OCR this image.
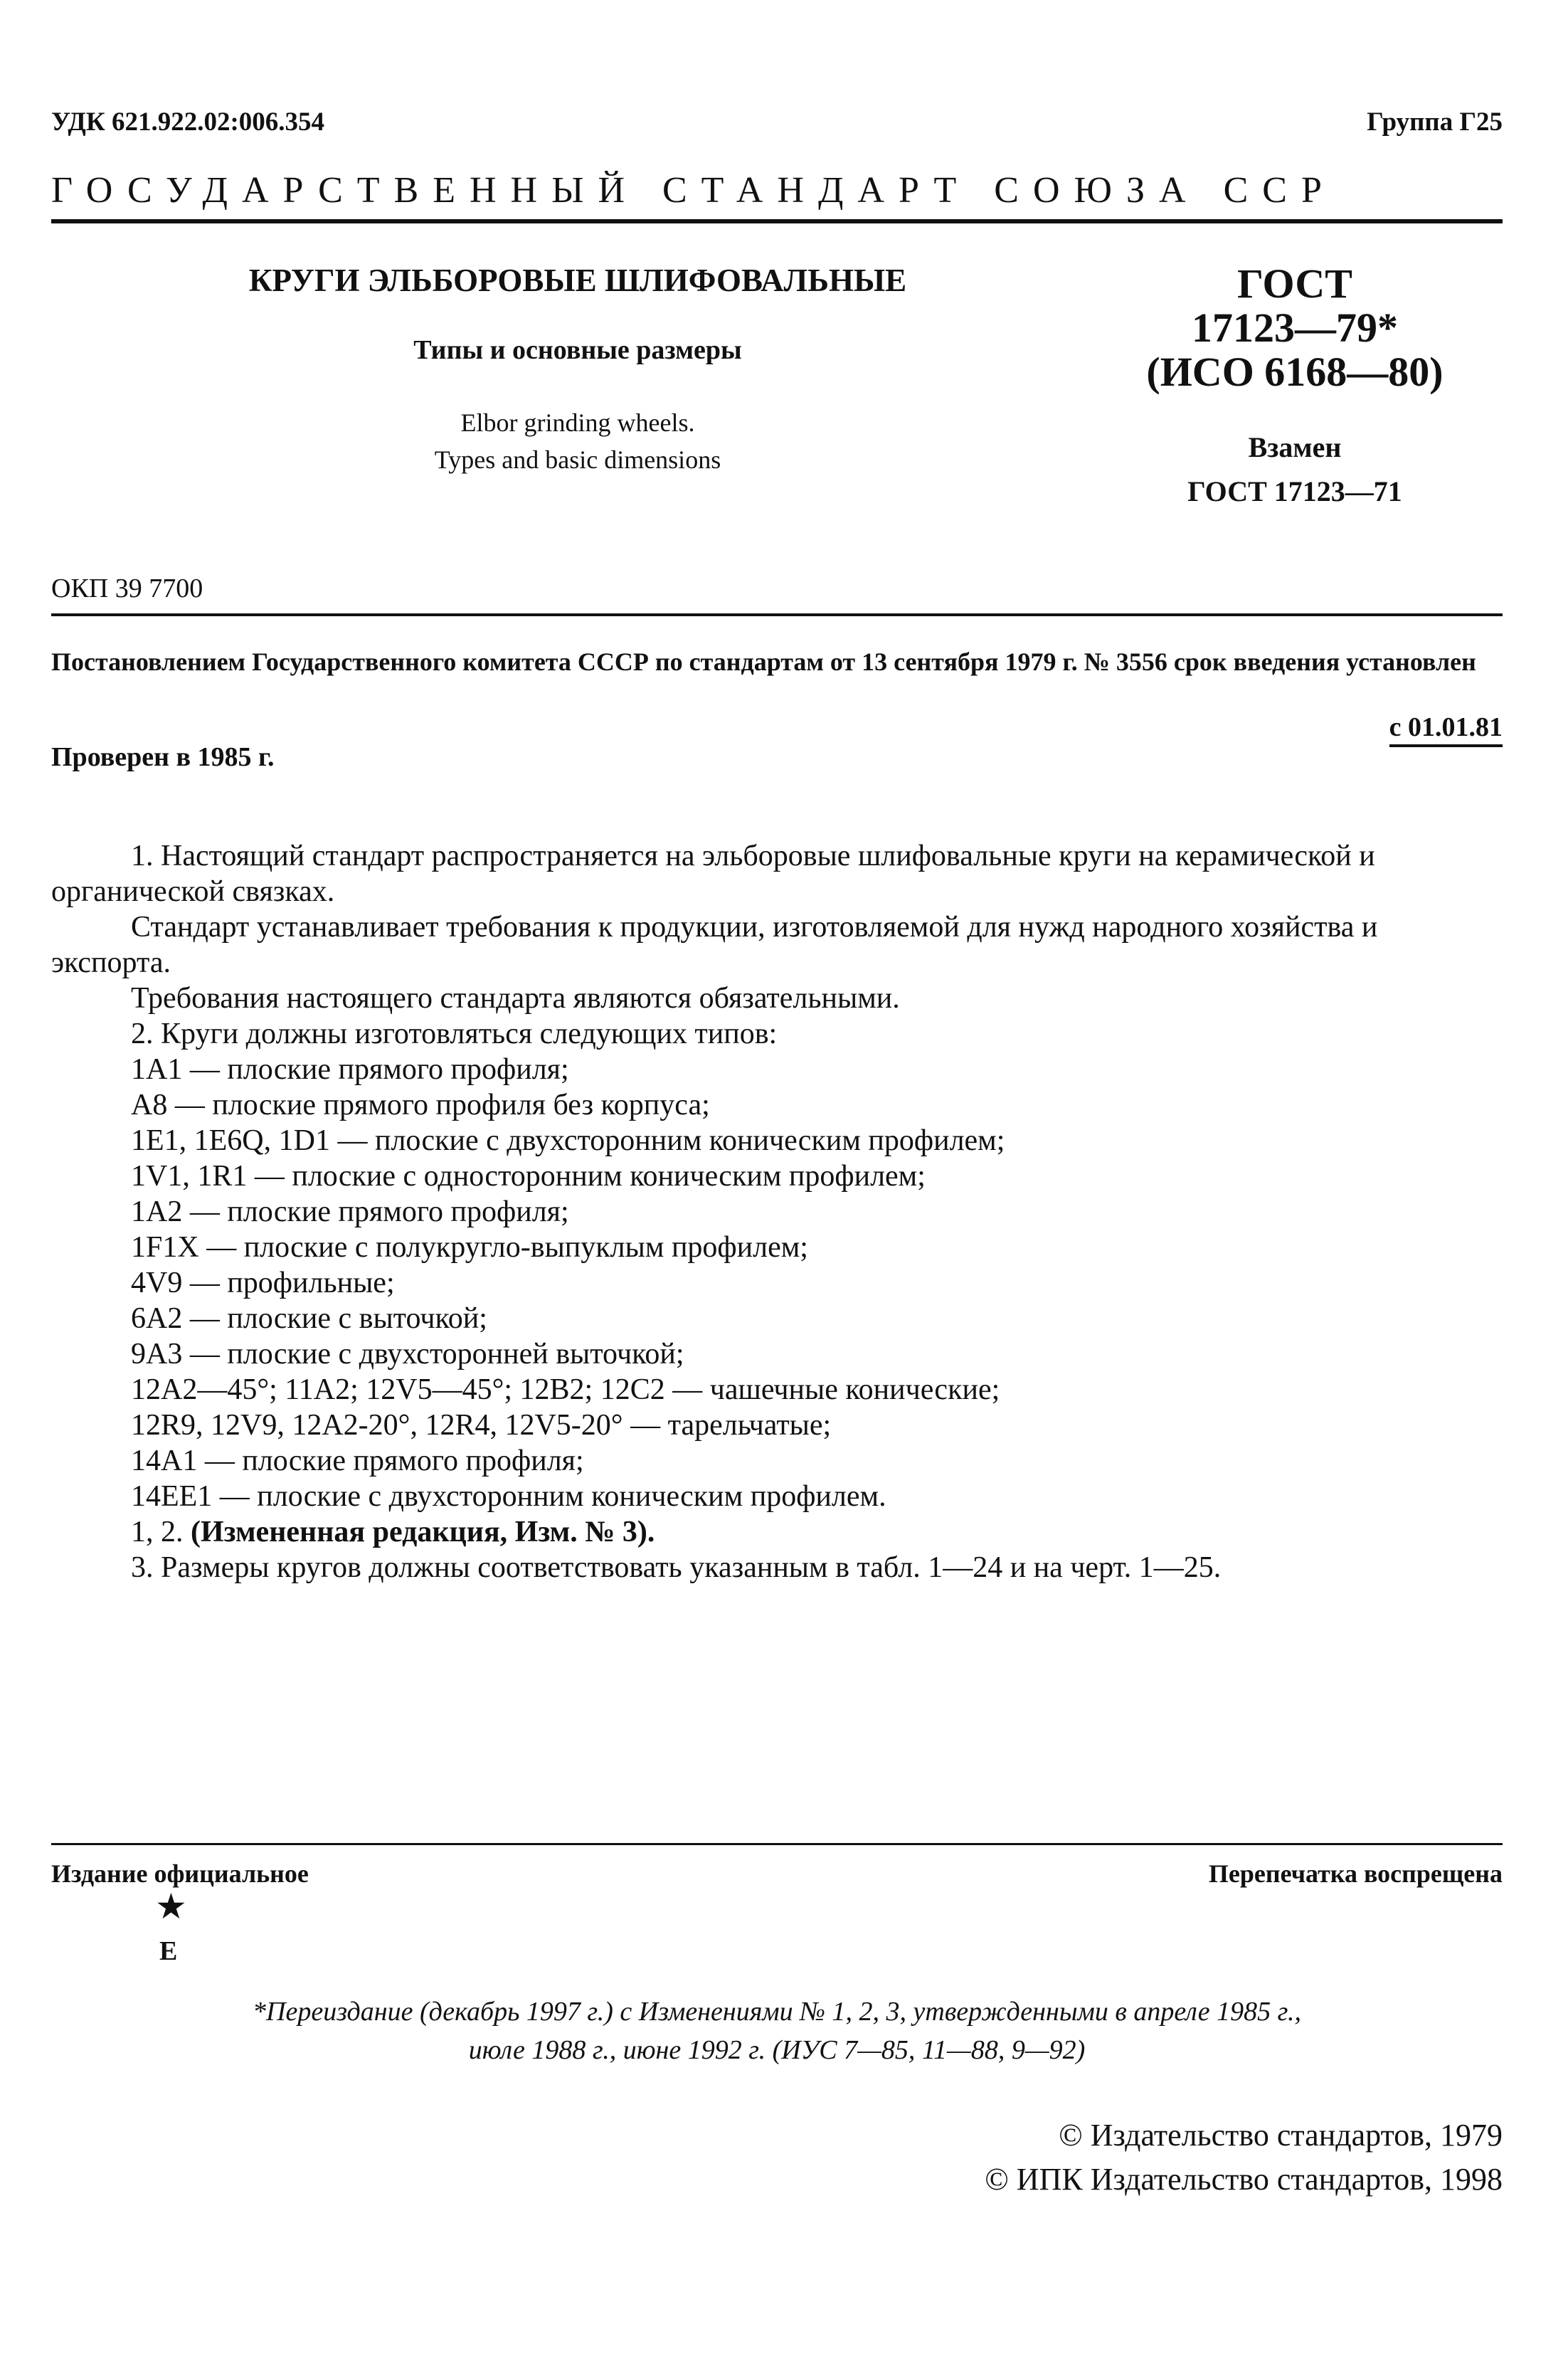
УДК 621.922.02:006.354	Группа Г25
ГОСУДАРСТВЕННЫЙ СТАНДАРТ СОЮЗА ССР
КРУГИ ЭЛЬБОРОВЫЕ ШЛИФОВАЛЬНЫЕ
Типы и основные размеры
Elbor grinding wheels.
Types and basic dimensions
ГОСТ
17123—79*
(ИСО 6168—80)
Взамен
ГОСТ 17123—71
ОКП 39 7700
Постановлением Государственного комитета СССР по стандартам от 13 сентября 1979 г. № 3556 срок введения установлен
с 01.01.81
Проверен в 1985 г.

1. Настоящий стандарт распространяется на эльборовые шлифовальные круги на керамической и органической связках.

Стандарт устанавливает требования к продукции, изготовляемой для нужд народного хозяйства и экспорта.

Требования настоящего стандарта являются обязательными.

2. Круги должны изготовляться следующих типов:

1А1 — плоские прямого профиля;

А8 — плоские прямого профиля без корпуса;

1Е1, 1Е6Q, 1D1 — плоские с двухсторонним коническим профилем;

1V1, 1R1 — плоские с односторонним коническим профилем;

1А2 — плоские прямого профиля;

1F1X — плоские с полукругло-выпуклым профилем;

4V9 — профильные;

6А2 — плоские с выточкой;

9А3 — плоские с двухсторонней выточкой;

12А2—45°; 11А2; 12V5—45°; 12В2; 12С2 — чашечные конические;

12R9, 12V9, 12А2-20°, 12R4, 12V5-20° — тарельчатые;

14А1 — плоские прямого профиля;

14ЕЕ1 — плоские с двухсторонним коническим профилем.

1, 2. (Измененная редакция, Изм. № 3).

3. Размеры кругов должны соответствовать указанным в табл. 1—24 и на черт. 1—25.

Издание официальное	Перепечатка воспрещена
★
Е
*Переиздание (декабрь 1997 г.) с Изменениями № 1, 2, 3, утвержденными в апреле 1985 г.,
июле 1988 г., июне 1992 г. (ИУС 7—85, 11—88, 9—92)
© Издательство стандартов, 1979
© ИПК Издательство стандартов, 1998
